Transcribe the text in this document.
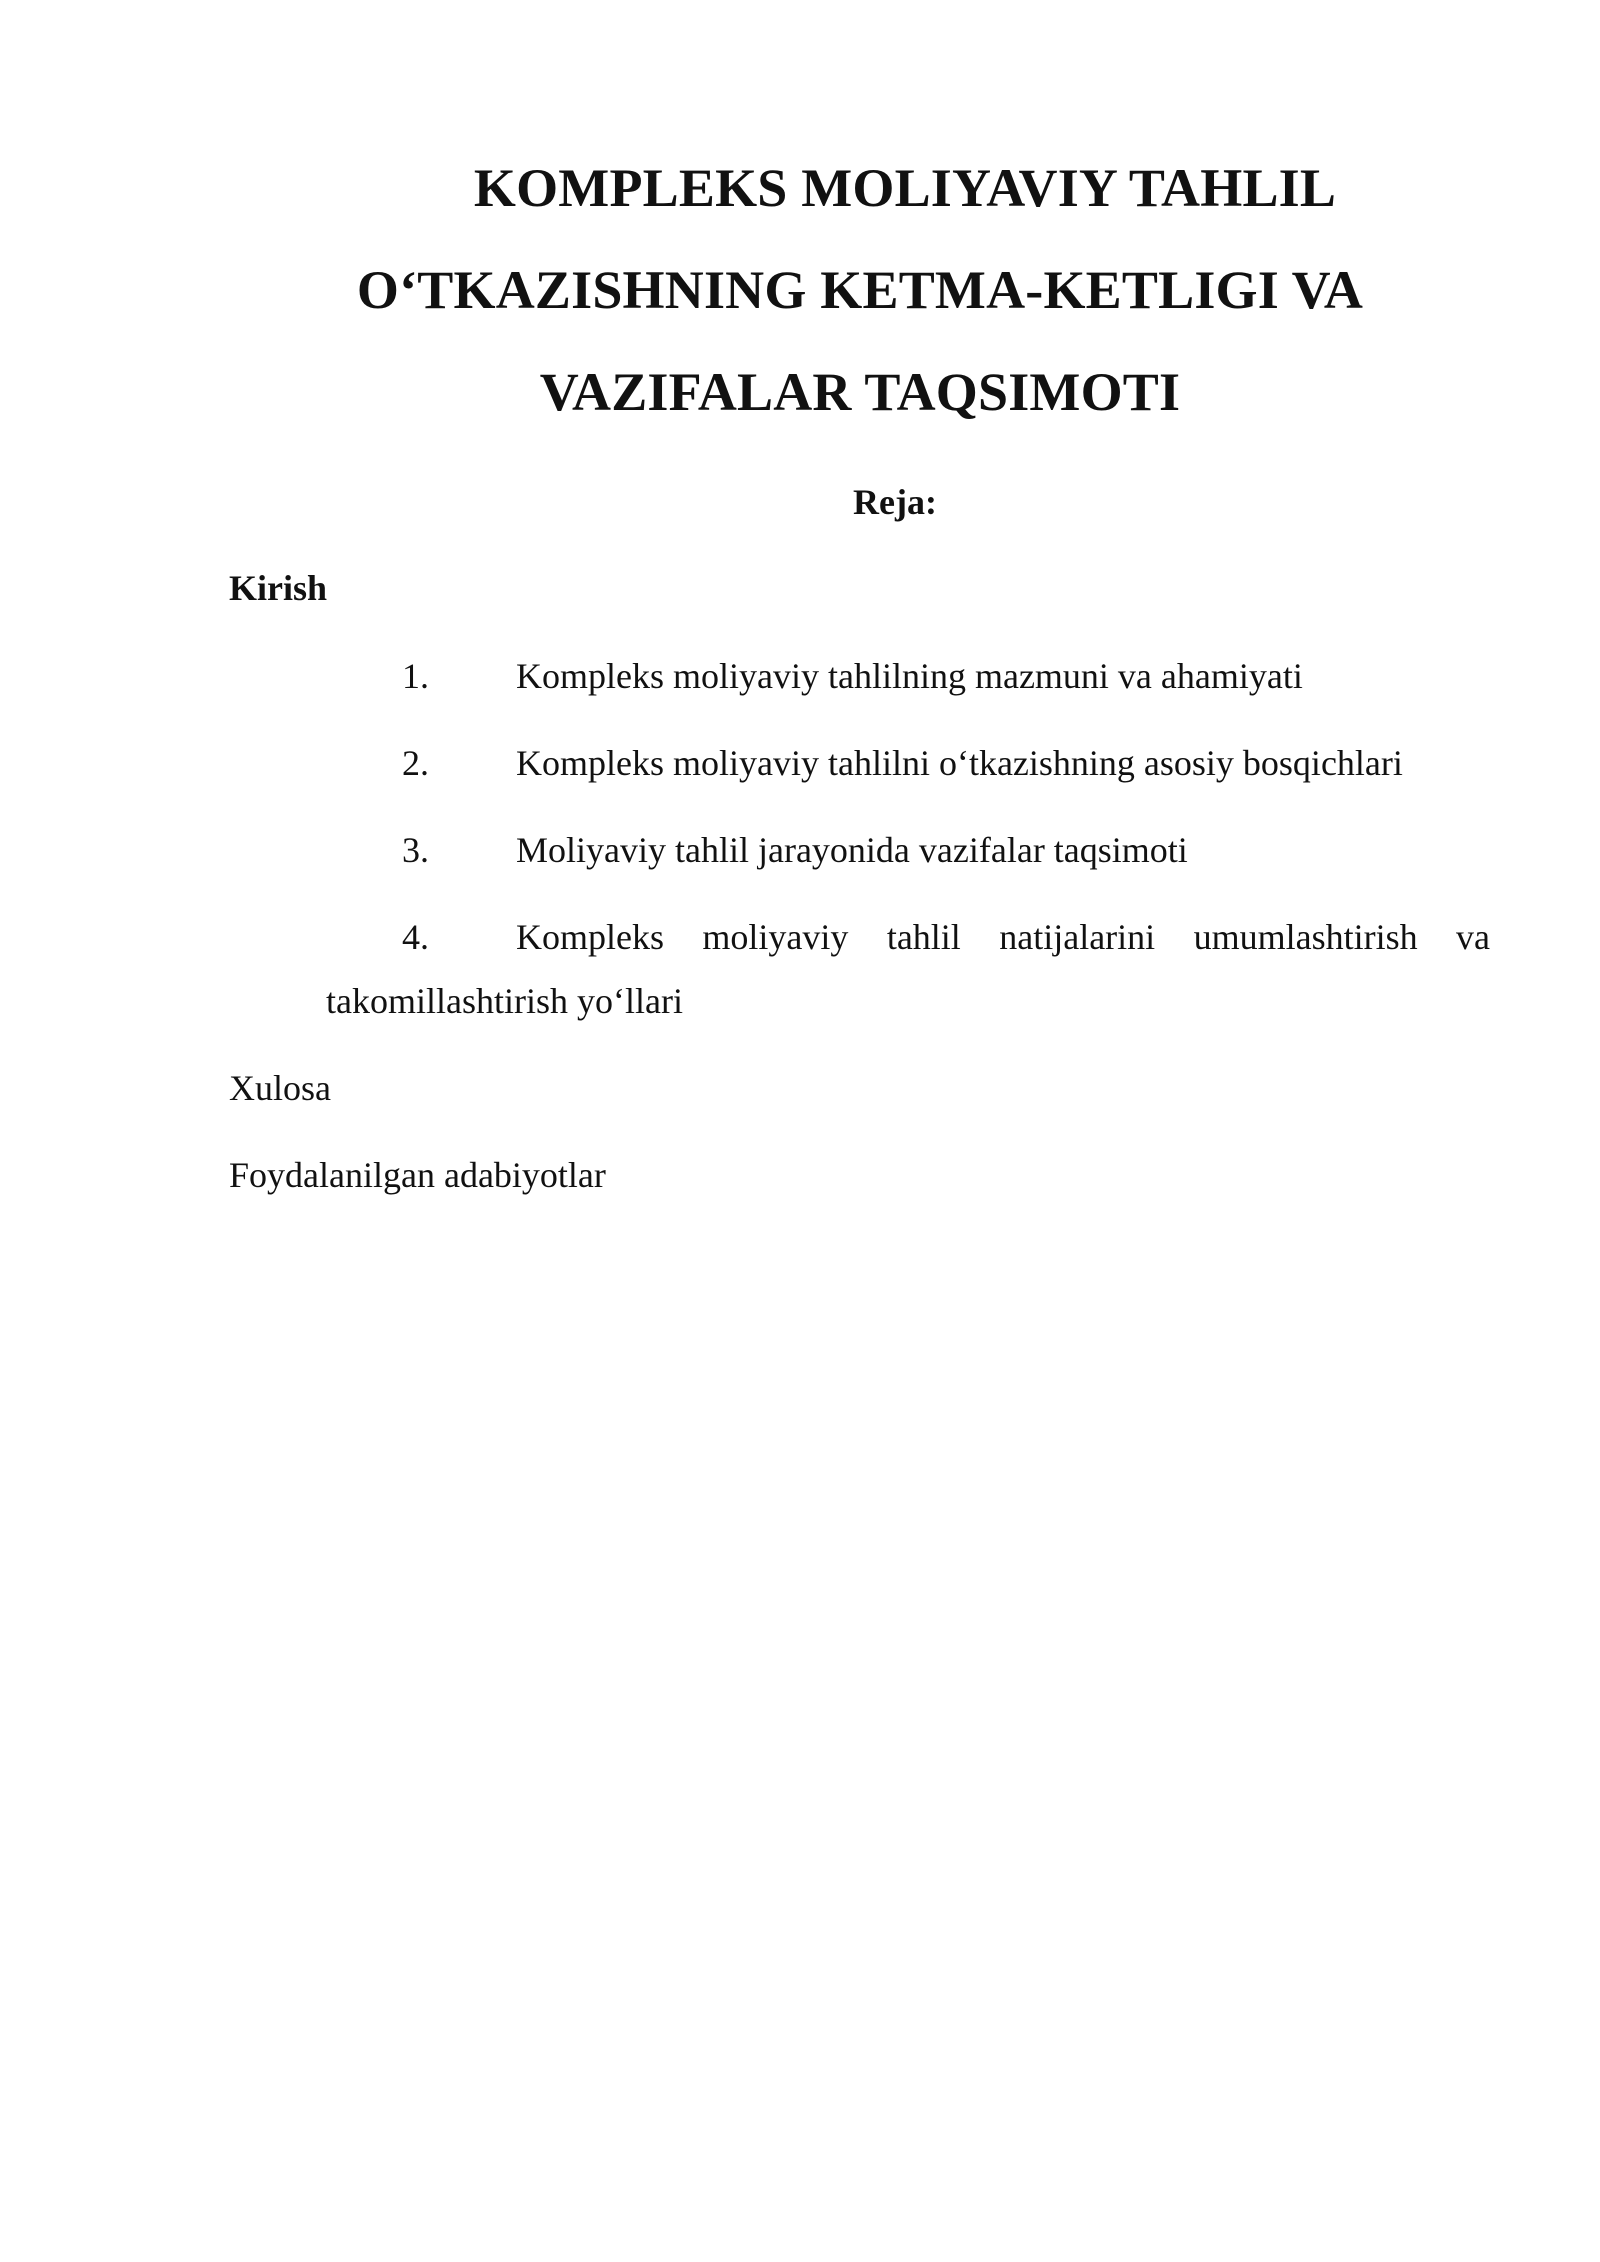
KOMPLEKS MOLIYAVIY TAHLIL
O‘TKAZISHNING KETMA-KETLIGI VA
VAZIFALAR TAQSIMOTI

Reja:

Kirish

1. Kompleks moliyaviy tahlilning mazmuni va ahamiyati
2. Kompleks moliyaviy tahlilni o‘tkazishning asosiy bosqichlari
3. Moliyaviy tahlil jarayonida vazifalar taqsimoti
4. Kompleks moliyaviy tahlil natijalarini umumlashtirish va
takomillashtirish yo‘llari

Xulosa

Foydalanilgan adabiyotlar
